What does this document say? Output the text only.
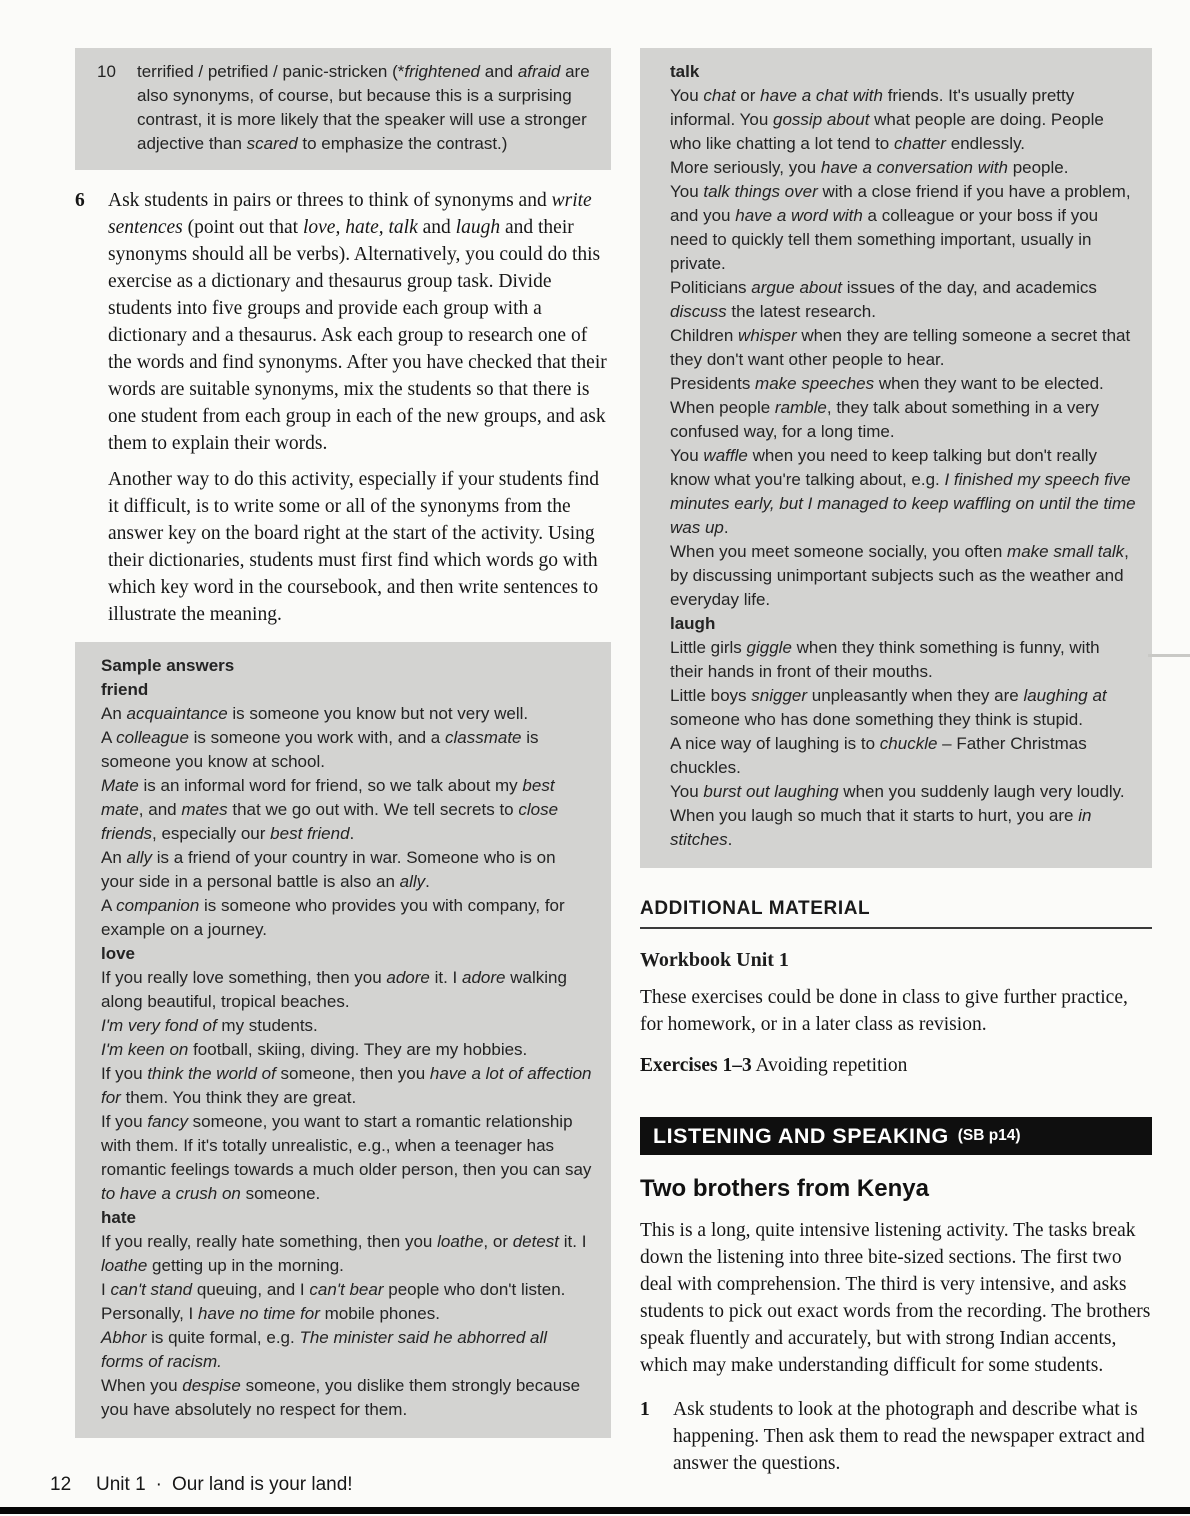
10	terrified / petrified / panic-stricken (*frightened and afraid are also synonyms, of course, but because this is a surprising contrast, it is more likely that the speaker will use a stronger adjective than scared to emphasize the contrast.)
6	Ask students in pairs or threes to think of synonyms and write sentences (point out that love, hate, talk and laugh and their synonyms should all be verbs). Alternatively, you could do this exercise as a dictionary and thesaurus group task. Divide students into five groups and provide each group with a dictionary and a thesaurus. Ask each group to research one of the words and find synonyms. After you have checked that their words are suitable synonyms, mix the students so that there is one student from each group in each of the new groups, and ask them to explain their words.

Another way to do this activity, especially if your students find it difficult, is to write some or all of the synonyms from the answer key on the board right at the start of the activity. Using their dictionaries, students must first find which words go with which key word in the coursebook, and then write sentences to illustrate the meaning.

Sample answers

friend

An acquaintance is someone you know but not very well.

A colleague is someone you work with, and a classmate is someone you know at school.

Mate is an informal word for friend, so we talk about my best mate, and mates that we go out with. We tell secrets to close friends, especially our best friend.

An ally is a friend of your country in war. Someone who is on your side in a personal battle is also an ally.

A companion is someone who provides you with company, for example on a journey.

love

If you really love something, then you adore it. I adore walking along beautiful, tropical beaches.

I'm very fond of my students.

I'm keen on football, skiing, diving. They are my hobbies.

If you think the world of someone, then you have a lot of affection for them. You think they are great.

If you fancy someone, you want to start a romantic relationship with them. If it's totally unrealistic, e.g., when a teenager has romantic feelings towards a much older person, then you can say to have a crush on someone.

hate

If you really, really hate something, then you loathe, or detest it. I loathe getting up in the morning.

I can't stand queuing, and I can't bear people who don't listen.

Personally, I have no time for mobile phones.

Abhor is quite formal, e.g. The minister said he abhorred all forms of racism.

When you despise someone, you dislike them strongly because you have absolutely no respect for them.

talk

You chat or have a chat with friends. It's usually pretty informal. You gossip about what people are doing. People who like chatting a lot tend to chatter endlessly.

More seriously, you have a conversation with people.

You talk things over with a close friend if you have a problem, and you have a word with a colleague or your boss if you need to quickly tell them something important, usually in private.

Politicians argue about issues of the day, and academics discuss the latest research.

Children whisper when they are telling someone a secret that they don't want other people to hear.

Presidents make speeches when they want to be elected.

When people ramble, they talk about something in a very confused way, for a long time.

You waffle when you need to keep talking but don't really know what you're talking about, e.g. I finished my speech five minutes early, but I managed to keep waffling on until the time was up.

When you meet someone socially, you often make small talk, by discussing unimportant subjects such as the weather and everyday life.

laugh

Little girls giggle when they think something is funny, with their hands in front of their mouths.

Little boys snigger unpleasantly when they are laughing at someone who has done something they think is stupid.

A nice way of laughing is to chuckle – Father Christmas chuckles.

You burst out laughing when you suddenly laugh very loudly.

When you laugh so much that it starts to hurt, you are in stitches.

ADDITIONAL MATERIAL

Workbook Unit 1

These exercises could be done in class to give further practice, for homework, or in a later class as revision.

Exercises 1–3 Avoiding repetition

LISTENING AND SPEAKING (SB p14)

Two brothers from Kenya

This is a long, quite intensive listening activity. The tasks break down the listening into three bite-sized sections. The first two deal with comprehension. The third is very intensive, and asks students to pick out exact words from the recording. The brothers speak fluently and accurately, but with strong Indian accents, which may make understanding difficult for some students.

1	Ask students to look at the photograph and describe what is happening. Then ask them to read the newspaper extract and answer the questions.

12	Unit 1 · Our land is your land!
